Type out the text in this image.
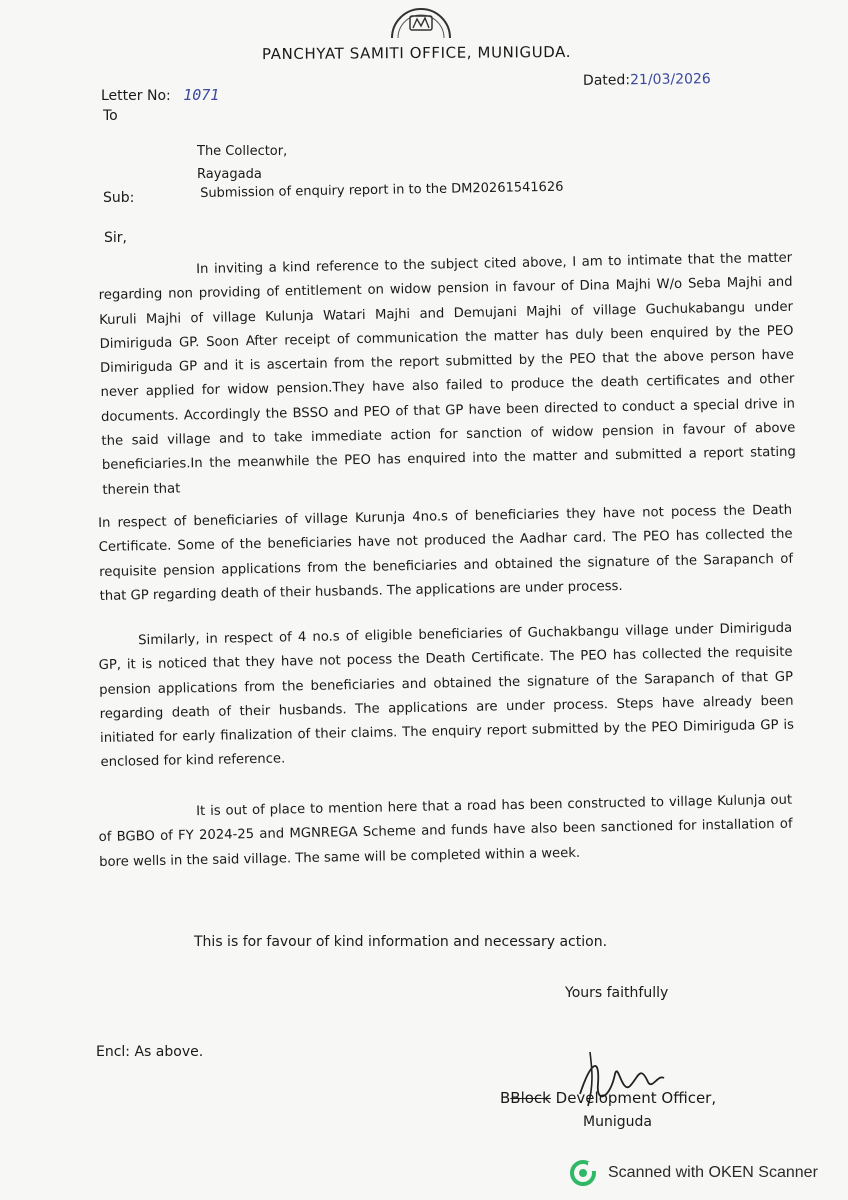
PANCHYAT SAMITI OFFICE, MUNIGUDA.
Letter No: 1071
Dated:21/03/2026
To
The Collector,
Rayagada
Sub:	Submission of enquiry report in to the DM20261541626
Sir,
In inviting a kind reference to the subject cited above, I am to intimate that the matter regarding non providing of entitlement on widow pension in favour of Dina Majhi W/o Seba Majhi and Kuruli Majhi of village Kulunja Watari Majhi and Demujani Majhi of village Guchukabangu under Dimiriguda GP. Soon After receipt of communication the matter has duly been enquired by the PEO Dimiriguda GP and it is ascertain from the report submitted by the PEO that the above person have never applied for widow pension.They have also failed to produce the death certificates and other documents. Accordingly the BSSO and PEO of that GP have been directed to conduct a special drive in the said village and to take immediate action for sanction of widow pension in favour of above beneficiaries.In the meanwhile the PEO has enquired into the matter and submitted a report stating therein that
In respect of beneficiaries of village Kurunja 4no.s of beneficiaries they have not pocess the Death Certificate. Some of the beneficiaries have not produced the Aadhar card. The PEO has collected the requisite pension applications from the beneficiaries and obtained the signature of the Sarapanch of that GP regarding death of their husbands. The applications are under process.
Similarly, in respect of 4 no.s of eligible beneficiaries of Guchakbangu village under Dimiriguda GP, it is noticed that they have not pocess the Death Certificate. The PEO has collected the requisite pension applications from the beneficiaries and obtained the signature of the Sarapanch of that GP regarding death of their husbands. The applications are under process. Steps have already been initiated for early finalization of their claims. The enquiry report submitted by the PEO Dimiriguda GP is enclosed for kind reference.
It is out of place to mention here that a road has been constructed to village Kulunja out of BGBO of FY 2024-25 and MGNREGA Scheme and funds have also been sanctioned for installation of bore wells in the said village. The same will be completed within a week.
This is for favour of kind information and necessary action.
Yours faithfully
Encl: As above.
BBlock Development Officer,
Muniguda
Scanned with OKEN Scanner
